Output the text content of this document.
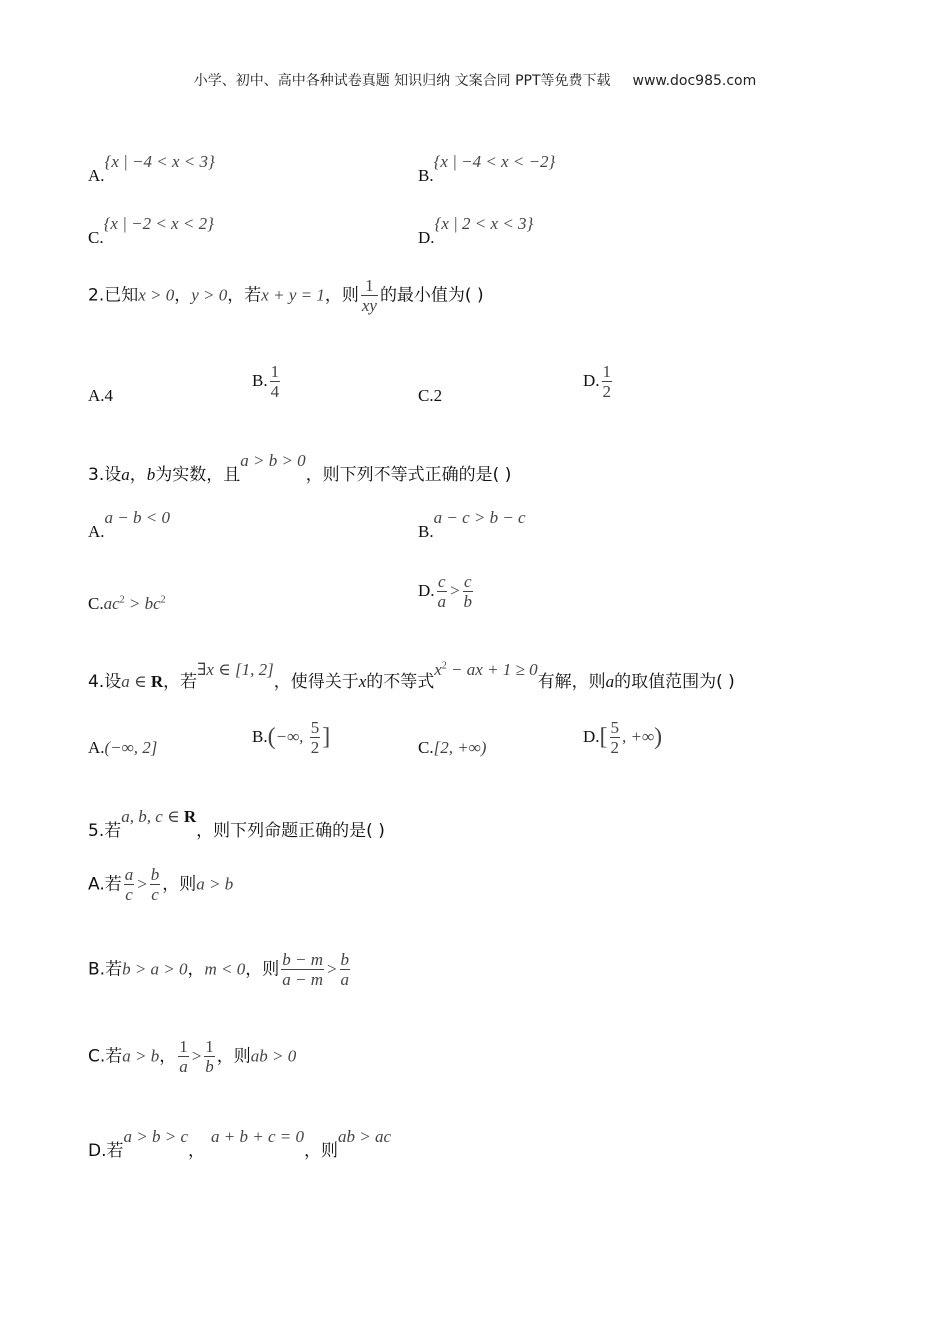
小学、初中、高中各种试卷真题 知识归纳 文案合同 PPT等免费下载 www.doc985.com
A.{x | −4 < x < 3}
B.{x | −4 < x < −2}
C.{x | −2 < x < 2}
D.{x | 2 < x < 3}
2.已知x > 0，y > 0，若x + y = 1，则 $\frac{1}{xy}$ 的最小值为( )
A.4
B. $\frac{1}{4}$	C.2
D. $\frac{1}{2}$
3.设a，b为实数，且a > b > 0，则下列不等式正确的是( )
A.a − b < 0
B.a − c > b − c
$C.ac^2 > bc^2$	D. $\frac{c}{a} > \frac{c}{b}$
4.设a ∈ R，若∃x ∈ [1, 2]，使得关于x的不等式$x^2$ − ax + 1 ≥ 0有解，则a的取值范围为( )
A.(−∞, 2]
B.(−∞, $\frac{5}{2}$ ]	C.[2, +∞)
$D.[ \frac{5}{2}$ , +∞)
5.若a, b, c ∈ R，则下列命题正确的是( )
A.若 $\frac{a}{c} > \frac{b}{c}$ ，则a > b
B.若b > a > 0，m < 0，则 $\frac{b - m}{a - m} > \frac{b}{a}$
C.若a > b， $\frac{1}{a} > \frac{1}{b}$ ，则ab > 0
D.若a > b > c，a + b + c = 0，则ab > ac
